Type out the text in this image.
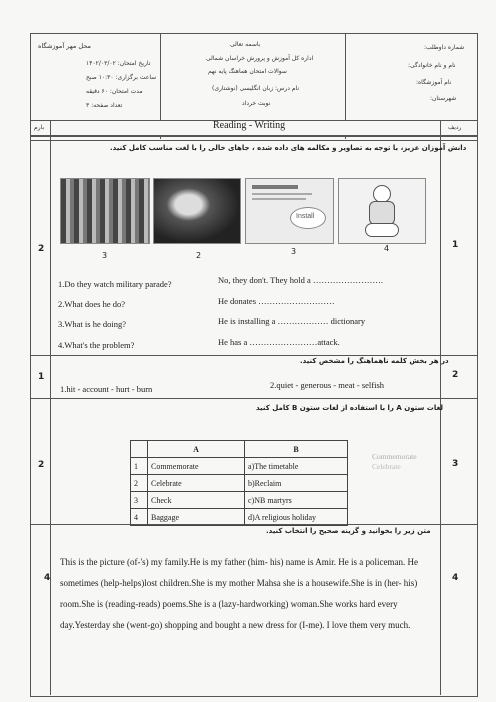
محل مهر آموزشگاه
تاریخ امتحان: ۱۴۰۲/۰۳/۰۲
ساعت برگزاری: ۱۰:۳۰ صبح
مدت امتحان: ۶۰ دقیقه
تعداد صفحه: ۳
باسمه تعالی
اداره کل آموزش و پرورش خراسان شمالی
سوالات امتحان هماهنگ پایه نهم
نام درس: زبان انگلیسی (نوشتاری)
نوبت خرداد
شماره داوطلب:
نام و نام خانوادگی:
نام آموزشگاه:
شهرستان:
بارم	Reading - Writing	ردیف
2	1
دانش آموزان عزیز، با توجه به تصاویر و مکالمه های داده شده ، جاهای خالی را با لغت مناسب کامل کنید.
Install
3	2	3	4
1.Do they watch military parade?	No, they don't. They hold a …………………….
2.What does he do?	He donates ………………………
3.What is he doing?	He is installing a ……………… dictionary
4.What's the problem?	He has a ……………………attack.
1	2
در هر بخش کلمه ناهماهنگ را مشخص کنید.
1.hit - account - hurt - burn	2.quiet - generous - meat - selfish
2	3
لغات ستون A را با استفاده از لغات ستون B کامل کنید
	A	B
1	Commemorate	a)The timetable
2	Celebrate	b)Reclaim
3	Check	c)NB martyrs
4	Baggage	d)A religious holiday
Commemorate
Celebrate
4	4
متن زیر را بخوانید و گزینه صحیح را انتخاب کنید.
This is the picture (of-'s) my family.He is my father (him- his) name is Amir. He is a policeman. He sometimes (help-helps)lost children.She is my mother Mahsa she is a housewife.She is in (her- his) room.She is (reading-reads) poems.She is a (lazy-hardworking) woman.She works hard every day.Yesterday she (went-go) shopping and bought a new dress for (I-me). I love them very much.
